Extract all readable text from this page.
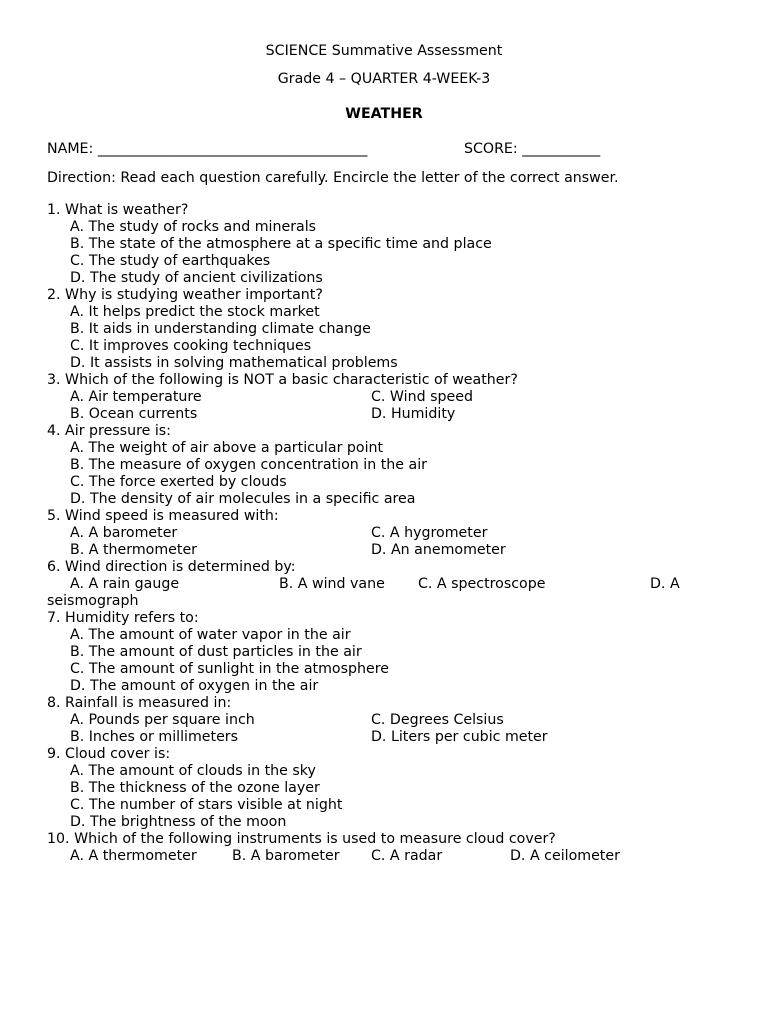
SCIENCE Summative Assessment
Grade 4 – QUARTER 4-WEEK-3
WEATHER
NAME: ______________________________________	SCORE: ___________
Direction: Read each question carefully. Encircle the letter of the correct answer.
1. What is weather?
A. The study of rocks and minerals
B. The state of the atmosphere at a specific time and place
C. The study of earthquakes
D. The study of ancient civilizations
2. Why is studying weather important?
A. It helps predict the stock market
B. It aids in understanding climate change
C. It improves cooking techniques
D. It assists in solving mathematical problems
3. Which of the following is NOT a basic characteristic of weather?
A. Air temperature	C. Wind speed
B. Ocean currents	D. Humidity
4. Air pressure is:
A. The weight of air above a particular point
B. The measure of oxygen concentration in the air
C. The force exerted by clouds
D. The density of air molecules in a specific area
5. Wind speed is measured with:
A. A barometer	C. A hygrometer
B. A thermometer	D. An anemometer
6. Wind direction is determined by:
A. A rain gauge	B. A wind vane C. A spectroscope	D. A
seismograph
7. Humidity refers to:
A. The amount of water vapor in the air
B. The amount of dust particles in the air
C. The amount of sunlight in the atmosphere
D. The amount of oxygen in the air
8. Rainfall is measured in:
A. Pounds per square inch	C. Degrees Celsius
B. Inches or millimeters	D. Liters per cubic meter
9. Cloud cover is:
A. The amount of clouds in the sky
B. The thickness of the ozone layer
C. The number of stars visible at night
D. The brightness of the moon
10. Which of the following instruments is used to measure cloud cover?
A. A thermometer B. A barometer C. A radar	D. A ceilometer
